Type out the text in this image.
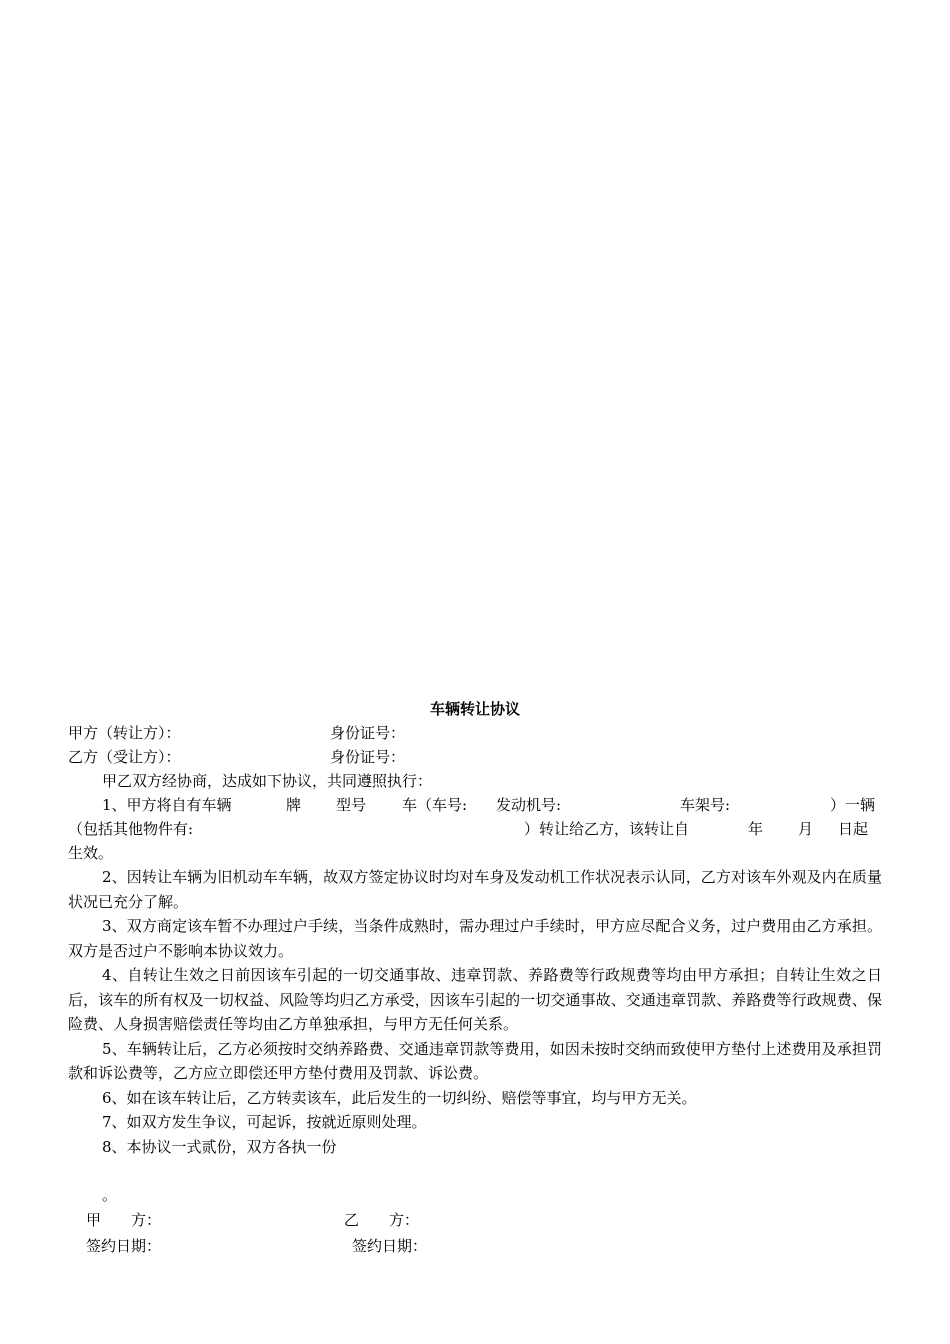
车辆转让协议
甲方（转让方）：	身份证号：
乙方（受让方）：	身份证号：
甲乙双方经协商，达成如下协议，共同遵照执行：
1、甲方将自有车辆	牌 型号 车（车号: 发动机号:	车架号:	）一辆
（包括其他物件有:	）转让给乙方，该转让自	年 月 日起
生效。

2、因转让车辆为旧机动车车辆，故双方签定协议时均对车身及发动机工作状况表示认同，乙方对该车外观及内在质量状况已充分了解。

3、双方商定该车暂不办理过户手续，当条件成熟时，需办理过户手续时，甲方应尽配合义务，过户费用由乙方承担。双方是否过户不影响本协议效力。

4、自转让生效之日前因该车引起的一切交通事故、违章罚款、养路费等行政规费等均由甲方承担；自转让生效之日后，该车的所有权及一切权益、风险等均归乙方承受，因该车引起的一切交通事故、交通违章罚款、养路费等行政规费、保险费、人身损害赔偿责任等均由乙方单独承担，与甲方无任何关系。

5、车辆转让后，乙方必须按时交纳养路费、交通违章罚款等费用，如因未按时交纳而致使甲方垫付上述费用及承担罚款和诉讼费等，乙方应立即偿还甲方垫付费用及罚款、诉讼费。

6、如在该车转让后，乙方转卖该车，此后发生的一切纠纷、赔偿等事宜，均与甲方无关。

7、如双方发生争议，可起诉，按就近原则处理。

8、本协议一式贰份，双方各执一份

。
甲　　方：	乙　　方：
签约日期：	签约日期：
